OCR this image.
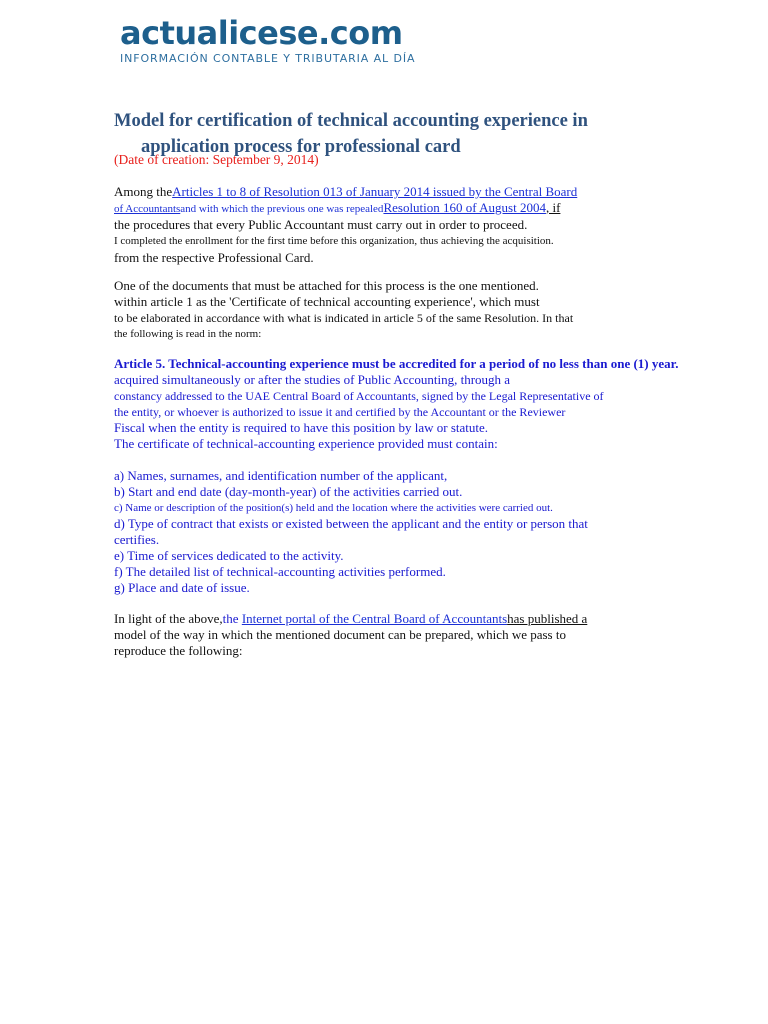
actualicese.com
INFORMACIÓN CONTABLE Y TRIBUTARIA AL DÍA
Model for certification of technical accounting experience in
application process for professional card
(Date of creation: September 9, 2014)
Among theArticles 1 to 8 of Resolution 013 of January 2014 issued by the Central Board
of Accountantsand with which the previous one was repealedResolution 160 of August 2004, if
the procedures that every Public Accountant must carry out in order to proceed.
I completed the enrollment for the first time before this organization, thus achieving the acquisition.
from the respective Professional Card.
One of the documents that must be attached for this process is the one mentioned.
within article 1 as the 'Certificate of technical accounting experience', which must
to be elaborated in accordance with what is indicated in article 5 of the same Resolution. In that
the following is read in the norm:
Article 5. Technical-accounting experience must be accredited for a period of no less than one (1) year.
acquired simultaneously or after the studies of Public Accounting, through a
constancy addressed to the UAE Central Board of Accountants, signed by the Legal Representative of
the entity, or whoever is authorized to issue it and certified by the Accountant or the Reviewer
Fiscal when the entity is required to have this position by law or statute.
The certificate of technical-accounting experience provided must contain:
a) Names, surnames, and identification number of the applicant,
b) Start and end date (day-month-year) of the activities carried out.
c) Name or description of the position(s) held and the location where the activities were carried out.
d) Type of contract that exists or existed between the applicant and the entity or person that
certifies.
e) Time of services dedicated to the activity.
f) The detailed list of technical-accounting activities performed.
g) Place and date of issue.
In light of the above,the Internet portal of the Central Board of Accountantshas published a
model of the way in which the mentioned document can be prepared, which we pass to
reproduce the following:
